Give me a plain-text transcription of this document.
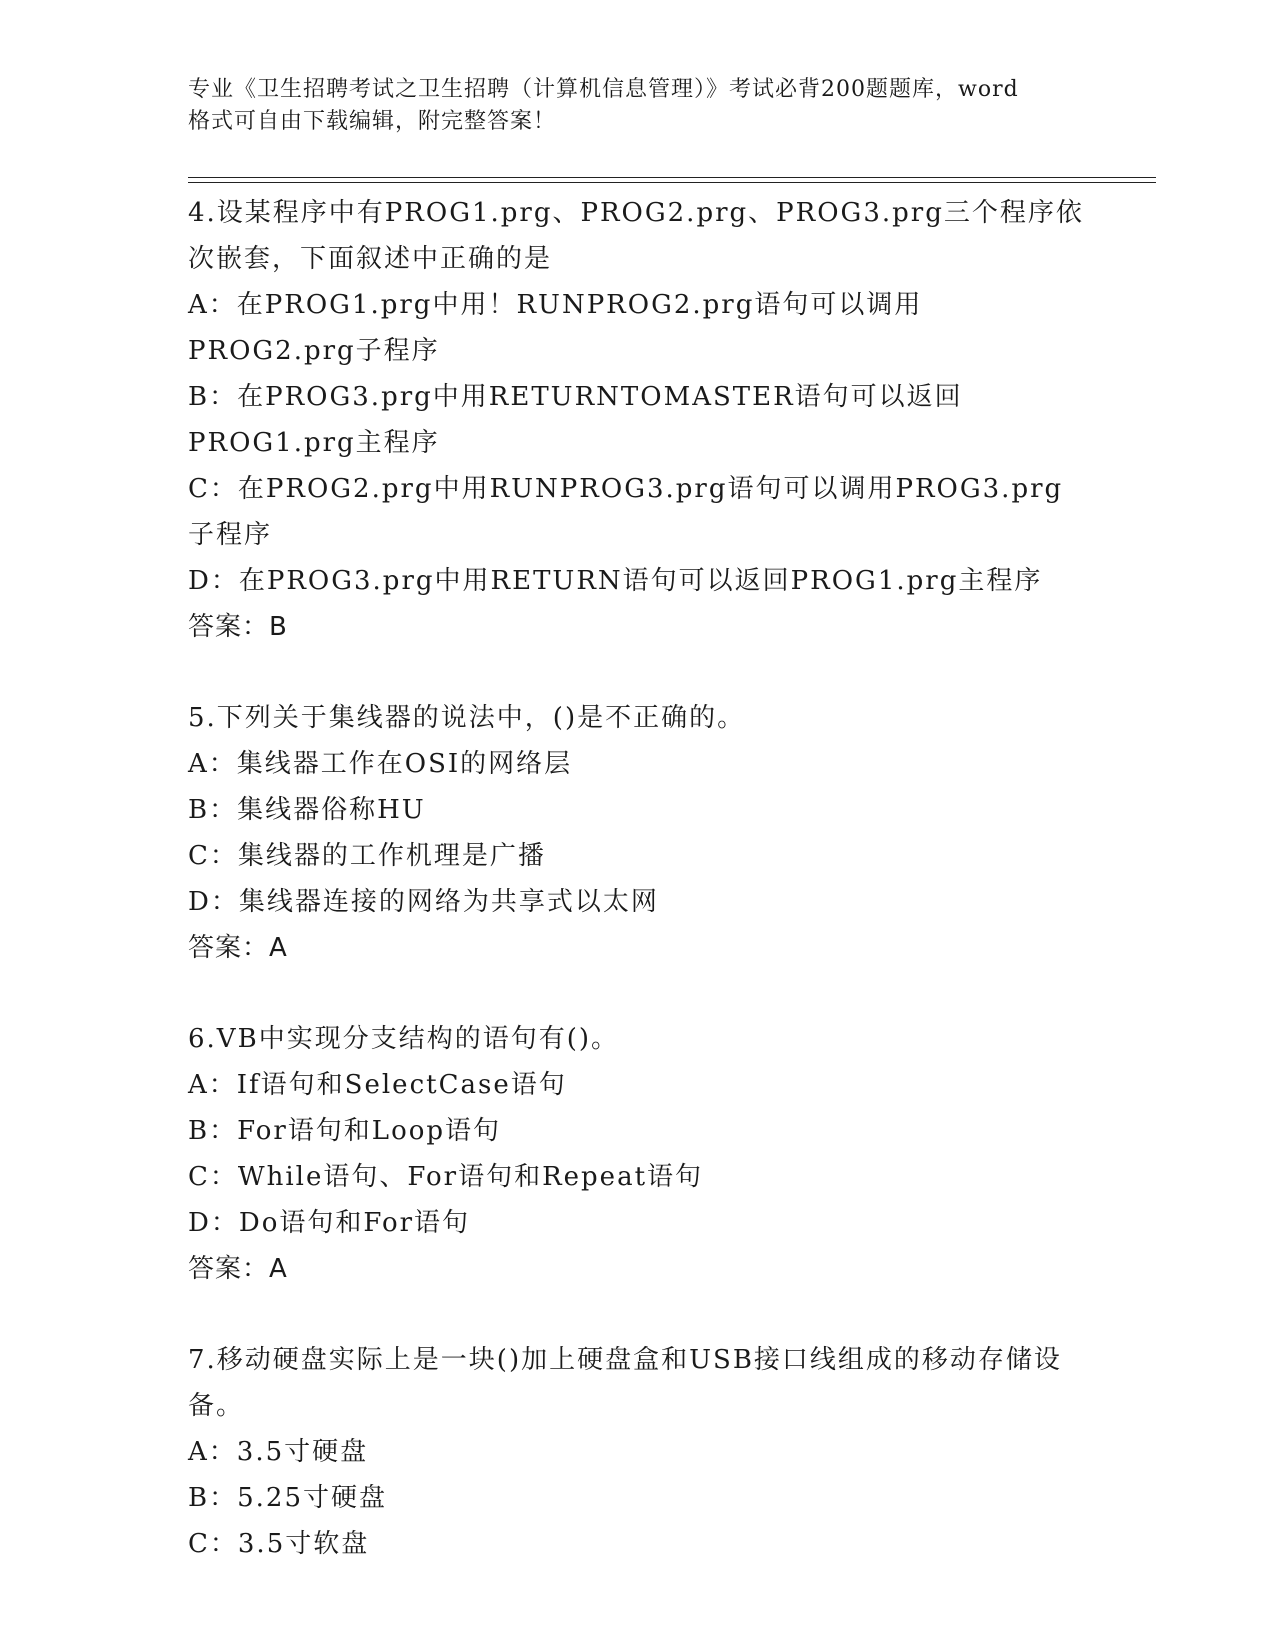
专业《卫生招聘考试之卫生招聘（计算机信息管理）》考试必背200题题库，word
格式可自由下载编辑，附完整答案！
4.设某程序中有PROG1.prg、PROG2.prg、PROG3.prg三个程序依次嵌套，下面叙述中正确的是
A：在PROG1.prg中用！RUNPROG2.prg语句可以调用PROG2.prg子程序
B：在PROG3.prg中用RETURNTOMASTER语句可以返回PROG1.prg主程序
C：在PROG2.prg中用RUNPROG3.prg语句可以调用PROG3.prg子程序
D：在PROG3.prg中用RETURN语句可以返回PROG1.prg主程序
答案：B
5.下列关于集线器的说法中，()是不正确的。
A：集线器工作在OSI的网络层
B：集线器俗称HU
C：集线器的工作机理是广播
D：集线器连接的网络为共享式以太网
答案：A
6.VB中实现分支结构的语句有()。
A：If语句和SelectCase语句
B：For语句和Loop语句
C：While语句、For语句和Repeat语句
D：Do语句和For语句
答案：A
7.移动硬盘实际上是一块()加上硬盘盒和USB接口线组成的移动存储设备。
A：3.5寸硬盘
B：5.25寸硬盘
C：3.5寸软盘
